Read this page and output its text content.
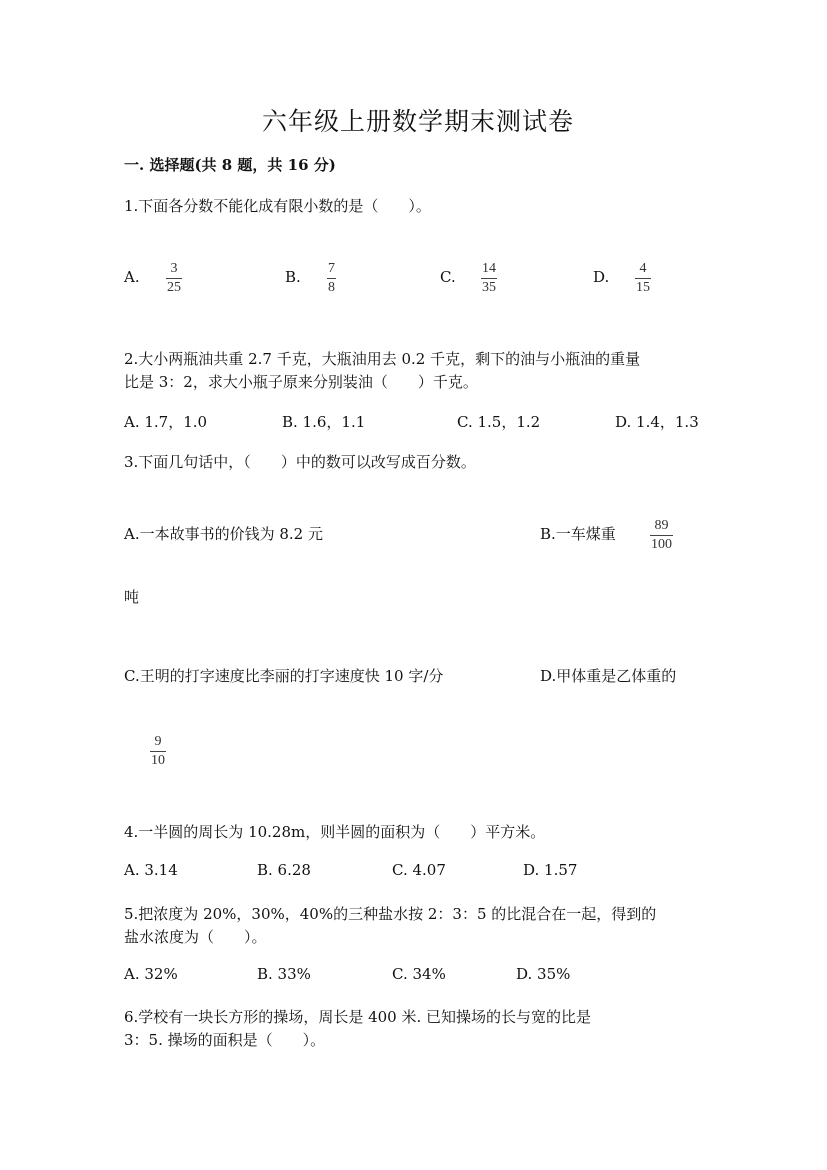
六年级上册数学期末测试卷
一. 选择题(共 8 题，共 16 分)
1.下面各分数不能化成有限小数的是（　　）。
A. 3
25
B. 7
8
C. 14
35
D. 4
15
2.大小两瓶油共重 2.7 千克，大瓶油用去 0.2 千克，剩下的油与小瓶油的重量
比是 3：2，求大小瓶子原来分别装油（　　）千克。
A. 1.7，1.0	B. 1.6，1.1	C. 1.5，1.2	D. 1.4，1.3
3.下面几句话中，（　　）中的数可以改写成百分数。
A.一本故事书的价钱为 8.2 元	B.一车煤重	89
100
吨
C.王明的打字速度比李丽的打字速度快 10 字/分	D.甲体重是乙体重的
9
10
4.一半圆的周长为 10.28m，则半圆的面积为（　　）平方米。
A. 3.14	B. 6.28	C. 4.07	D. 1.57
5.把浓度为 20%，30%，40%的三种盐水按 2：3：5 的比混合在一起，得到的
盐水浓度为（　　）。
A. 32%	B. 33%	C. 34%	D. 35%
6.学校有一块长方形的操场，周长是 400 米. 已知操场的长与宽的比是
3：5. 操场的面积是（　　）。
